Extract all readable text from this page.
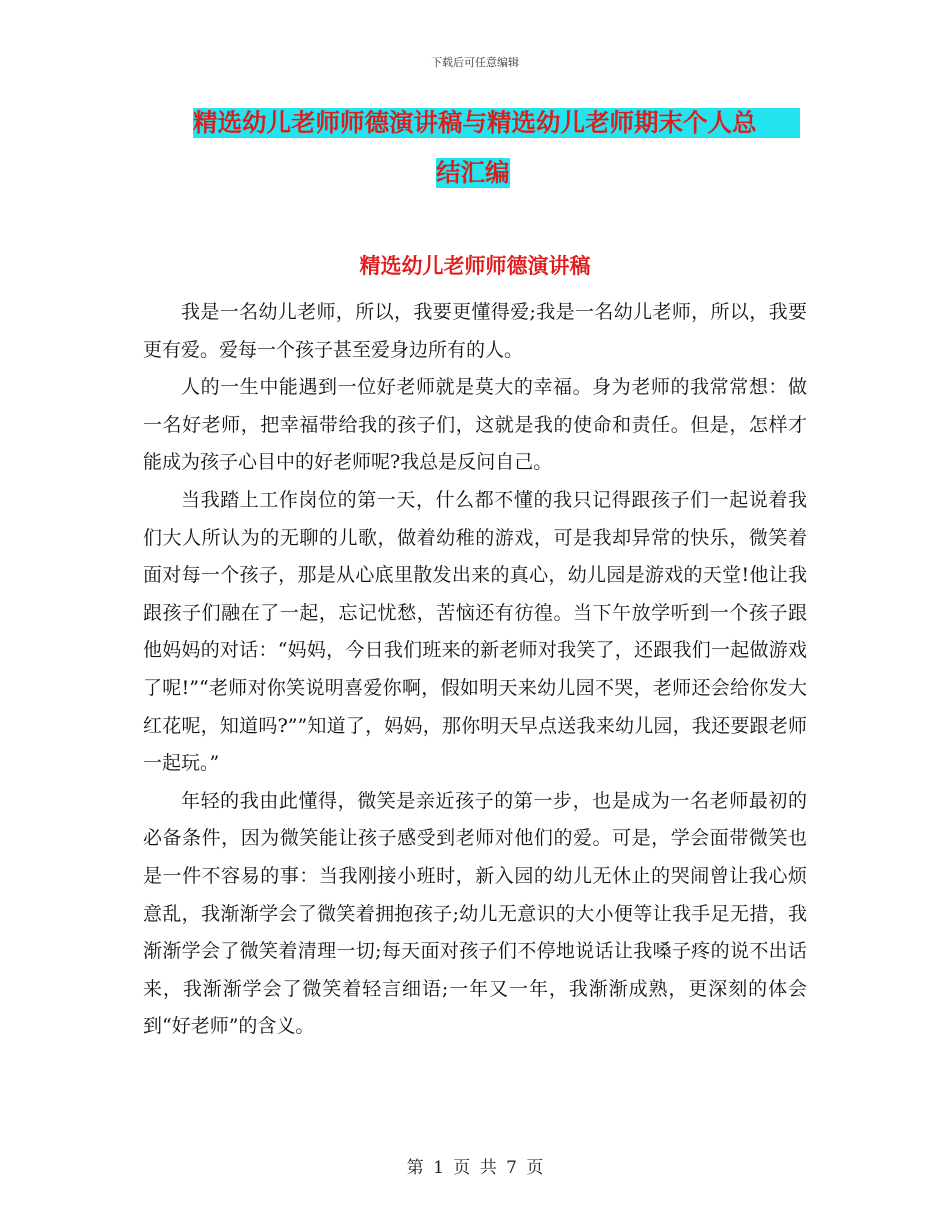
下载后可任意编辑
精选幼儿老师师德演讲稿与精选幼儿老师期末个人总
结汇编
精选幼儿老师师德演讲稿

我是一名幼儿老师，所以，我要更懂得爱;我是一名幼儿老师，所以，我要更有爱。爱每一个孩子甚至爱身边所有的人。

人的一生中能遇到一位好老师就是莫大的幸福。身为老师的我常常想：做一名好老师，把幸福带给我的孩子们，这就是我的使命和责任。但是，怎样才能成为孩子心目中的好老师呢?我总是反问自己。

当我踏上工作岗位的第一天，什么都不懂的我只记得跟孩子们一起说着我们大人所认为的无聊的儿歌，做着幼稚的游戏，可是我却异常的快乐，微笑着面对每一个孩子，那是从心底里散发出来的真心，幼儿园是游戏的天堂!他让我跟孩子们融在了一起，忘记忧愁，苦恼还有彷徨。当下午放学听到一个孩子跟他妈妈的对话：“妈妈，今日我们班来的新老师对我笑了，还跟我们一起做游戏了呢!”“老师对你笑说明喜爱你啊，假如明天来幼儿园不哭，老师还会给你发大红花呢，知道吗?””知道了，妈妈，那你明天早点送我来幼儿园，我还要跟老师一起玩。”

年轻的我由此懂得，微笑是亲近孩子的第一步，也是成为一名老师最初的必备条件，因为微笑能让孩子感受到老师对他们的爱。可是，学会面带微笑也是一件不容易的事：当我刚接小班时，新入园的幼儿无休止的哭闹曾让我心烦意乱，我渐渐学会了微笑着拥抱孩子;幼儿无意识的大小便等让我手足无措，我渐渐学会了微笑着清理一切;每天面对孩子们不停地说话让我嗓子疼的说不出话来，我渐渐学会了微笑着轻言细语;一年又一年，我渐渐成熟，更深刻的体会到“好老师”的含义。

第 1 页 共 7 页
